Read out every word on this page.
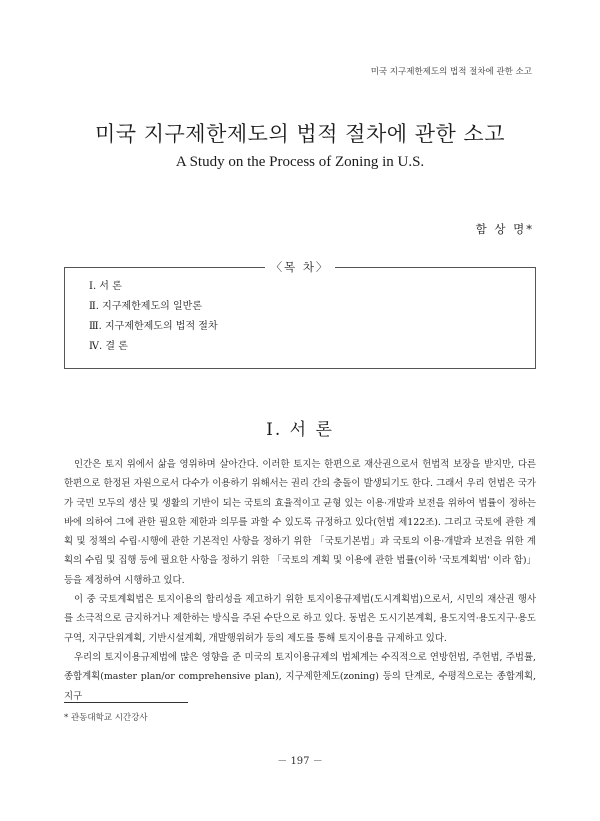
미국 지구제한제도의 법적 절차에 관한 소고
미국 지구제한제도의 법적 절차에 관한 소고
A Study on the Process of Zoning in U.S.
함 상 명*
〈목 차〉
Ⅰ. 서 론
Ⅱ. 지구제한제도의 일반론
Ⅲ. 지구제한제도의 법적 절차
Ⅳ. 결 론
Ⅰ. 서 론

인간은 토지 위에서 삶을 영위하며 살아간다. 이러한 토지는 한편으로 재산권으로서 헌법적 보장을 받지만, 다른 한편으로 한정된 자원으로서 다수가 이용하기 위해서는 권리 간의 충돌이 발생되기도 한다. 그래서 우리 헌법은 국가가 국민 모두의 생산 및 생활의 기반이 되는 국토의 효율적이고 균형 있는 이용·개발과 보전을 위하여 법률이 정하는 바에 의하여 그에 관한 필요한 제한과 의무를 과할 수 있도록 규정하고 있다(헌법 제122조). 그리고 국토에 관한 계획 및 정책의 수립·시행에 관한 기본적인 사항을 정하기 위한 「국토기본법」과 국토의 이용·개발과 보전을 위한 계획의 수립 및 집행 등에 필요한 사항을 정하기 위한 「국토의 계획 및 이용에 관한 법률(이하 '국토계획법' 이라 함)」 등을 제정하여 시행하고 있다.

이 중 국토계획법은 토지이용의 합리성을 제고하기 위한 토지이용규제법(도시계획법)으로서, 시민의 재산권 행사를 소극적으로 금지하거나 제한하는 방식을 주된 수단으로 하고 있다. 동법은 도시기본계획, 용도지역·용도지구·용도구역, 지구단위계획, 기반시설계획, 개발행위허가 등의 제도를 통해 토지이용을 규제하고 있다.

우리의 토지이용규제법에 많은 영향을 준 미국의 토지이용규제의 법체계는 수직적으로 연방헌법, 주헌법, 주법률, 종합계획(master plan/or comprehensive plan), 지구제한제도(zoning) 등의 단계로, 수평적으로는 종합계획, 지구

* 관동대학교 시간강사
－ 197 －
